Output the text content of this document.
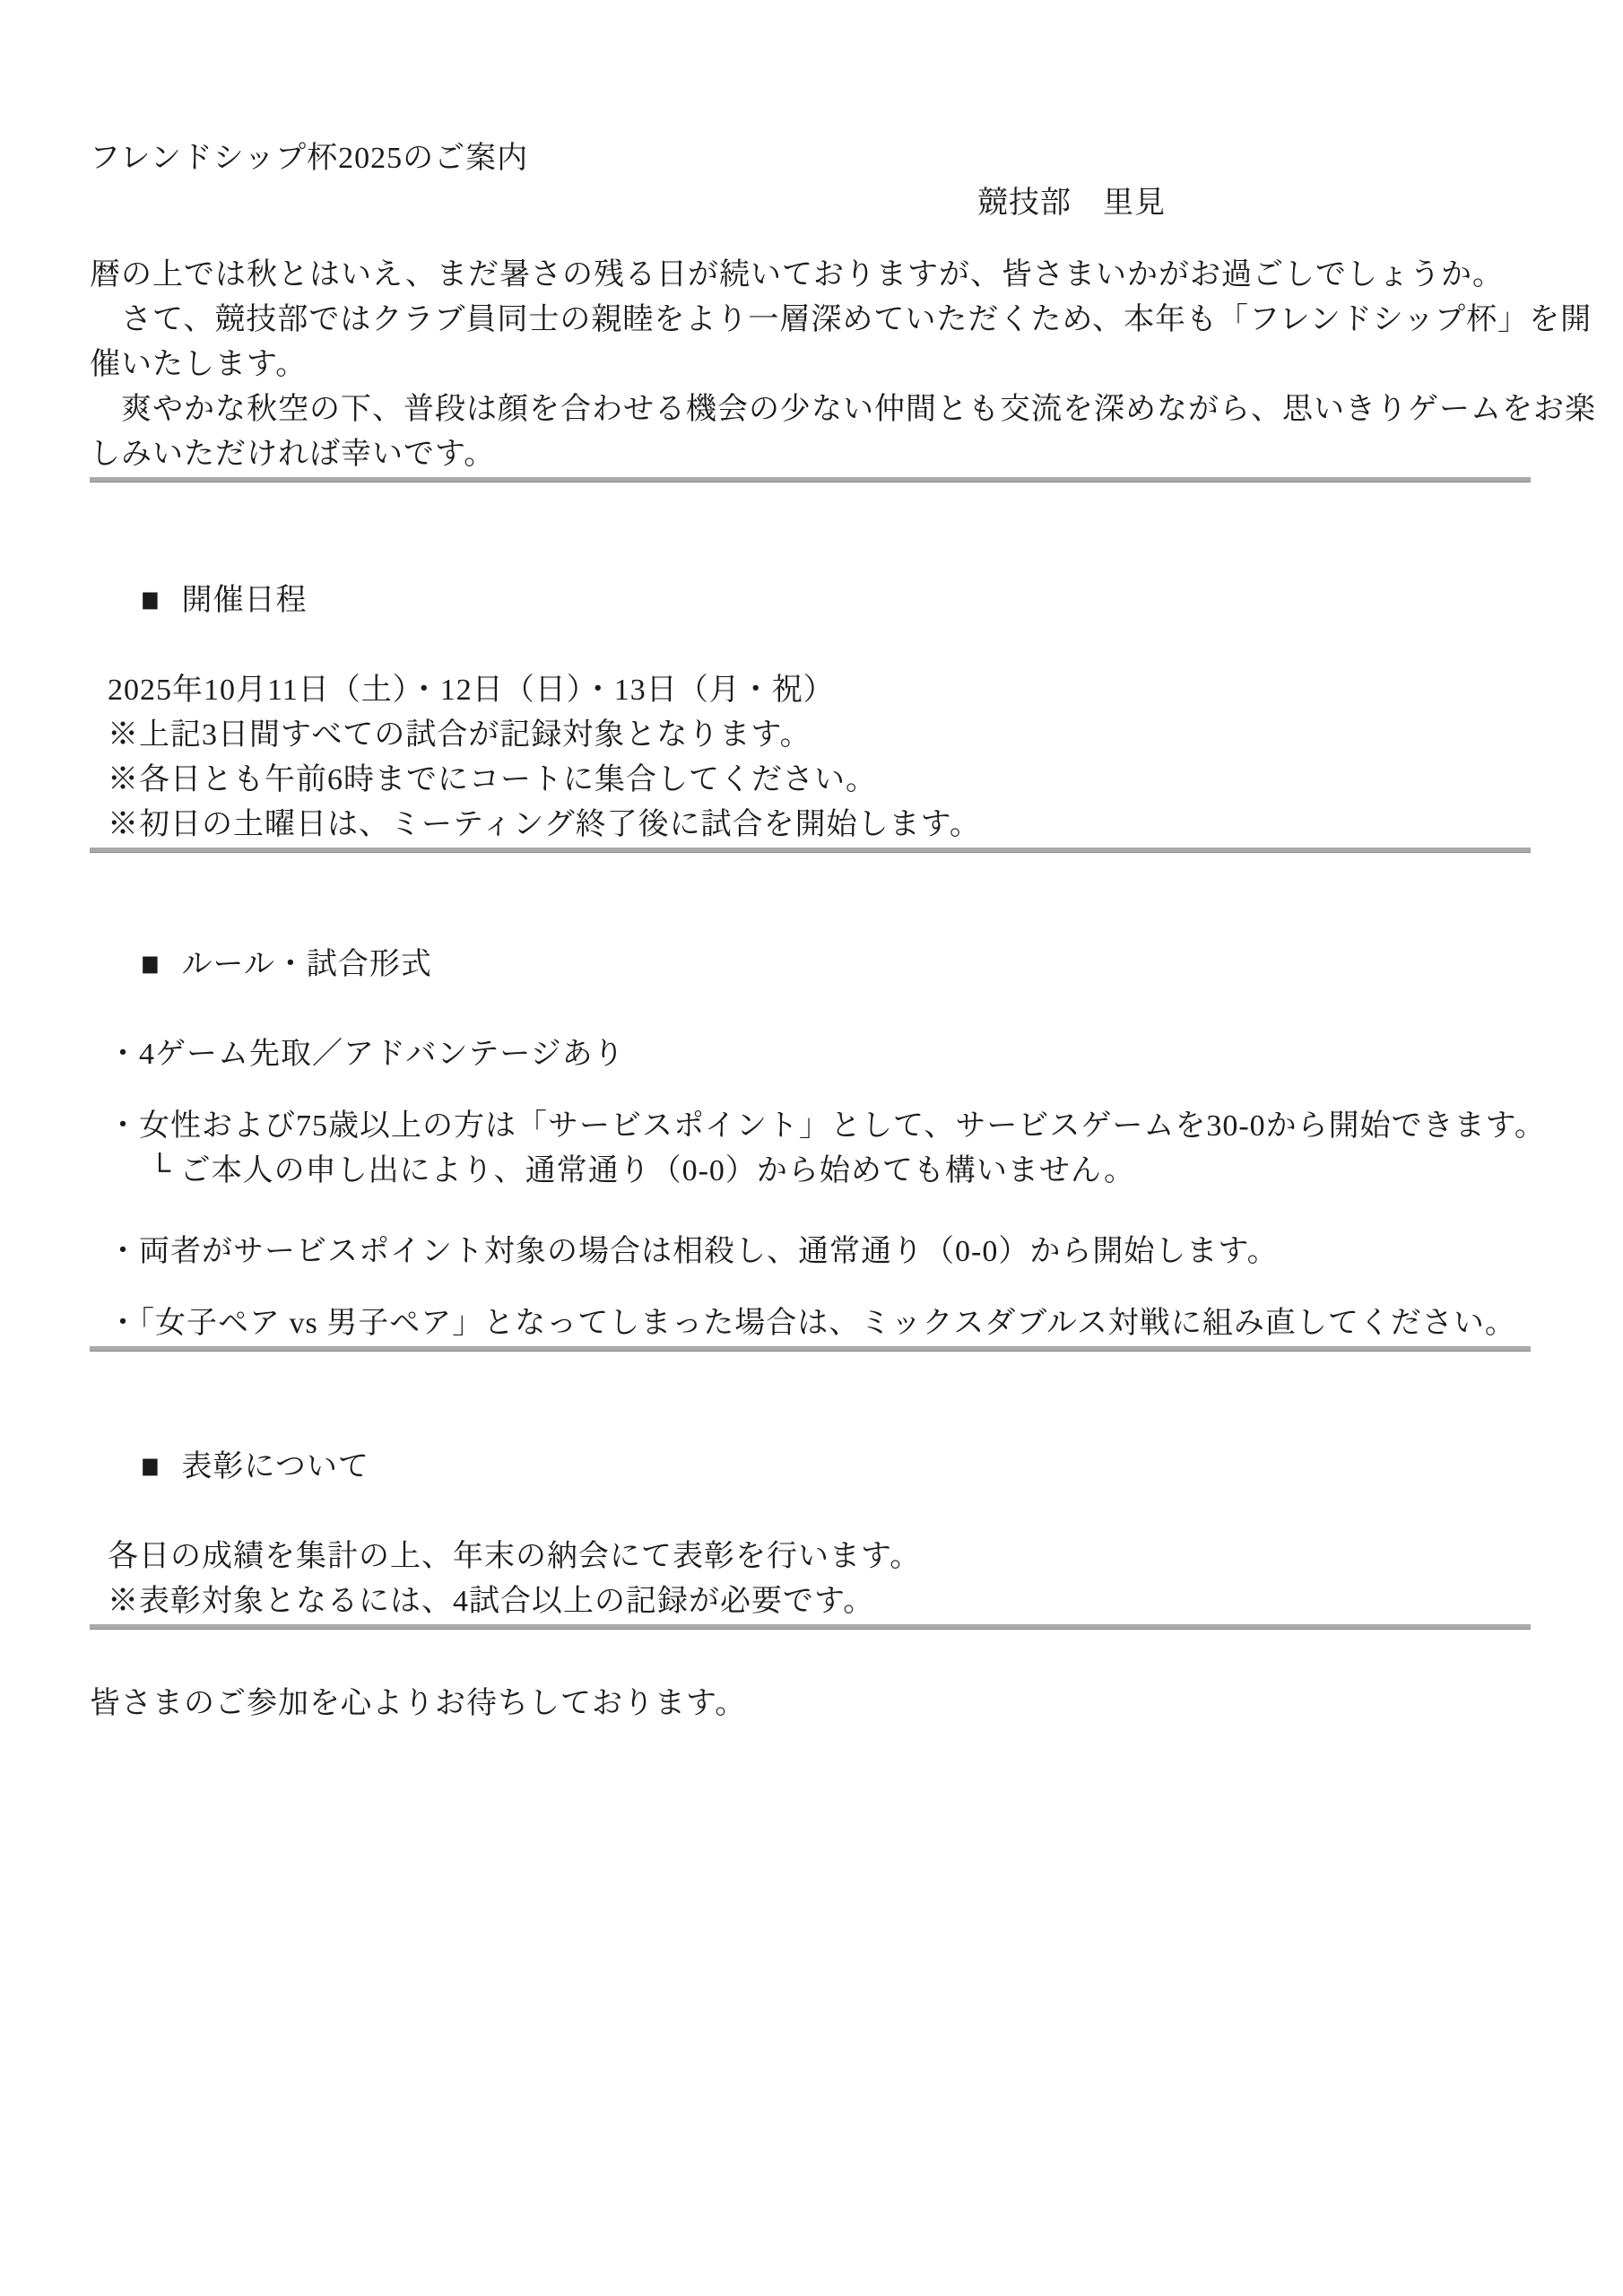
フレンドシップ杯2025のご案内

競技部　里見

暦の上では秋とはいえ、まだ暑さの残る日が続いておりますが、皆さまいかがお過ごしでしょうか。

　さて、競技部ではクラブ員同士の親睦をより一層深めていただくため、本年も「フレンドシップ杯」を開

催いたします。

　爽やかな秋空の下、普段は顔を合わせる機会の少ない仲間とも交流を深めながら、思いきりゲームをお楽

しみいただければ幸いです。

■ 開催日程

2025年10月11日（土）・12日（日）・13日（月・祝）

※上記3日間すべての試合が記録対象となります。

※各日とも午前6時までにコートに集合してください。

※初日の土曜日は、ミーティング終了後に試合を開始します。

■ ルール・試合形式

・4ゲーム先取／アドバンテージあり

・女性および75歳以上の方は「サービスポイント」として、サービスゲームを30-0から開始できます。

└ ご本人の申し出により、通常通り（0-0）から始めても構いません。

・両者がサービスポイント対象の場合は相殺し、通常通り（0-0）から開始します。

・「女子ペア vs 男子ペア」となってしまった場合は、ミックスダブルス対戦に組み直してください。

■ 表彰について

各日の成績を集計の上、年末の納会にて表彰を行います。

※表彰対象となるには、4試合以上の記録が必要です。

皆さまのご参加を心よりお待ちしております。
